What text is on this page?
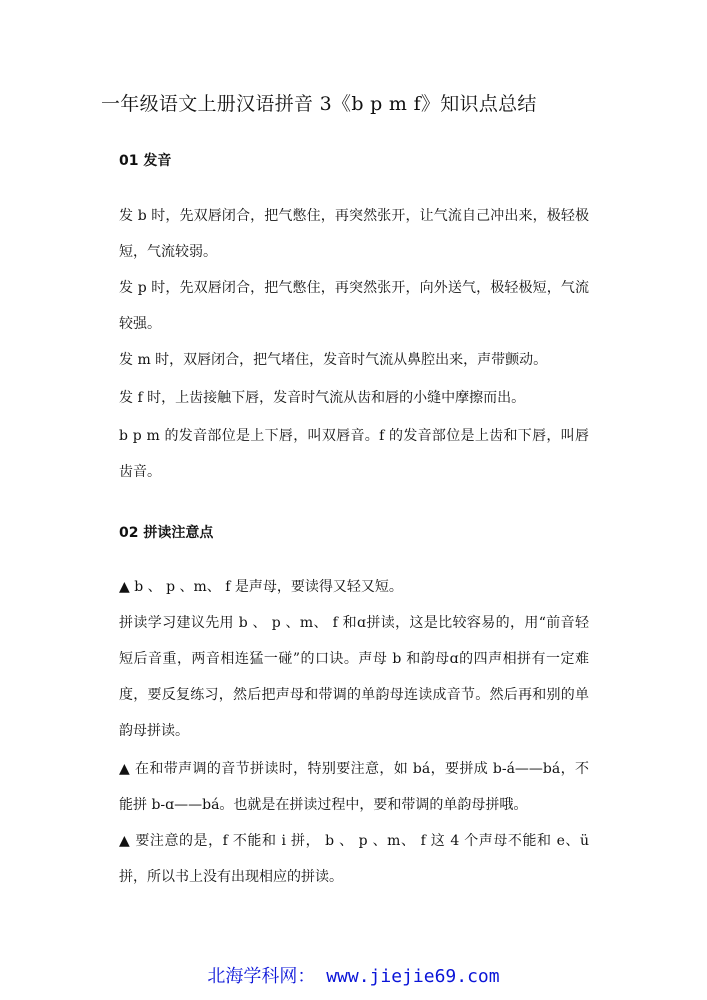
一年级语文上册汉语拼音 3《b p m f》知识点总结
01 发音

发 b 时，先双唇闭合，把气憋住，再突然张开，让气流自己冲出来，极轻极短，气流较弱。

发 p 时，先双唇闭合，把气憋住，再突然张开，向外送气，极轻极短，气流较强。

发 m 时，双唇闭合，把气堵住，发音时气流从鼻腔出来，声带颤动。

发 f 时，上齿接触下唇，发音时气流从齿和唇的小缝中摩擦而出。

b p m 的发音部位是上下唇，叫双唇音。f 的发音部位是上齿和下唇，叫唇齿音。

02 拼读注意点

▲ b 、 p 、m、 f 是声母，要读得又轻又短。

拼读学习建议先用 b 、 p 、m、 f 和ɑ拼读，这是比较容易的，用“前音轻短后音重，两音相连猛一碰”的口诀。声母 b 和韵母ɑ的四声相拼有一定难度，要反复练习，然后把声母和带调的单韵母连读成音节。然后再和别的单韵母拼读。

▲ 在和带声调的音节拼读时，特别要注意，如 bá，要拼成 b-á——bá，不能拼 b-ɑ——bá。也就是在拼读过程中，要和带调的单韵母拼哦。

▲ 要注意的是，f 不能和 i 拼， b 、 p 、m、 f 这 4 个声母不能和 e、ü 拼，所以书上没有出现相应的拼读。

北海学科网： www.jiejie69.com
